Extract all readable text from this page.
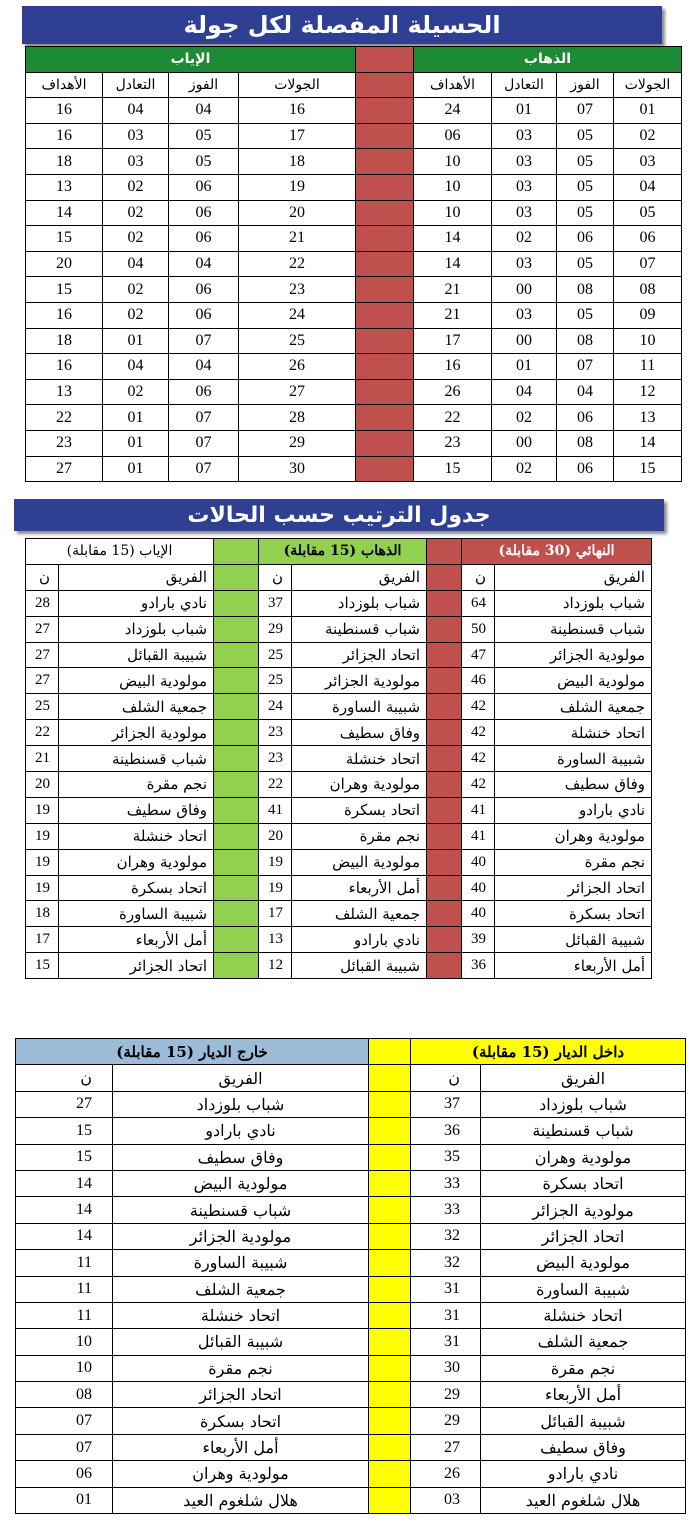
الحسيلة المفصلة لكل جولة
الإياب					الذهاب			
الأهداف	التعادل	الفوز	الجولات		الأهداف	التعادل	الفوز	الجولات
16	04	04	16		24	01	07	01
16	03	05	17		06	03	05	02
18	03	05	18		10	03	05	03
13	02	06	19		10	03	05	04
14	02	06	20		10	03	05	05
15	02	06	21		14	02	06	06
20	04	04	22		14	03	05	07
15	02	06	23		21	00	08	08
16	02	06	24		21	03	05	09
18	01	07	25		17	00	08	10
16	04	04	26		16	01	07	11
13	02	06	27		26	04	04	12
22	01	07	28		22	02	06	13
23	01	07	29		23	00	08	14
27	01	07	30		15	02	06	15
جدول الترتيب حسب الحالات
الإياب (15 مقابلة)			الذهاب (15 مقابلة)			النهائي (30 مقابلة)	
ن	الفريق		ن	الفريق		ن	الفريق
28	نادي بارادو		37	شباب بلوزداد		64	شباب بلوزداد
27	شباب بلوزداد		29	شباب قسنطينة		50	شباب قسنطينة
27	شبيبة القبائل		25	اتحاد الجزائر		47	مولودية الجزائر
27	مولودية البيض		25	مولودية الجزائر		46	مولودية البيض
25	جمعية الشلف		24	شبيبة الساورة		42	جمعية الشلف
22	مولودية الجزائر		23	وفاق سطيف		42	اتحاد خنشلة
21	شباب قسنطينة		23	اتحاد خنشلة		42	شبيبة الساورة
20	نجم مقرة		22	مولودية وهران		42	وفاق سطيف
19	وفاق سطيف		41	اتحاد بسكرة		41	نادي بارادو
19	اتحاد خنشلة		20	نجم مقرة		41	مولودية وهران
19	مولودية وهران		19	مولودية البيض		40	نجم مقرة
19	اتحاد بسكرة		19	أمل الأربعاء		40	اتحاد الجزائر
18	شبيبة الساورة		17	جمعية الشلف		40	اتحاد بسكرة
17	أمل الأربعاء		13	نادي بارادو		39	شبيبة القبائل
15	اتحاد الجزائر		12	شبيبة القبائل		36	أمل الأربعاء
خارج الديار (15 مقابلة)			داخل الديار (15 مقابلة)	
ن	الفريق		ن	الفريق
27	شباب بلوزداد		37	شباب بلوزداد
15	نادي بارادو		36	شباب قسنطينة
15	وفاق سطيف		35	مولودية وهران
14	مولودية البيض		33	اتحاد بسكرة
14	شباب قسنطينة		33	مولودية الجزائر
14	مولودية الجزائر		32	اتحاد الجزائر
11	شبيبة الساورة		32	مولودية البيض
11	جمعية الشلف		31	شبيبة الساورة
11	اتحاد خنشلة		31	اتحاد خنشلة
10	شبيبة القبائل		31	جمعية الشلف
10	نجم مقرة		30	نجم مقرة
08	اتحاد الجزائر		29	أمل الأربعاء
07	اتحاد بسكرة		29	شبيبة القبائل
07	أمل الأربعاء		27	وفاق سطيف
06	مولودية وهران		26	نادي بارادو
01	هلال شلغوم العيد		03	هلال شلغوم العيد
